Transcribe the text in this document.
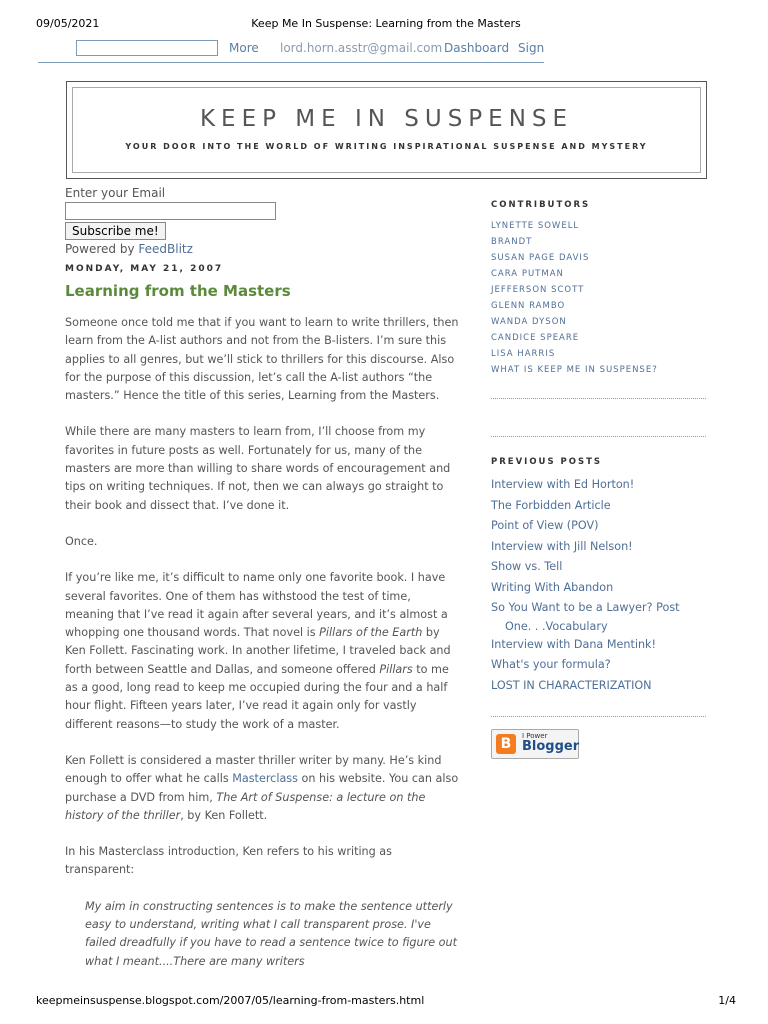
09/05/2021	Keep Me In Suspense: Learning from the Masters
More lord.horn.asstr@gmail.com Dashboard Sign
KEEP ME IN SUSPENSE
YOUR DOOR INTO THE WORLD OF WRITING INSPIRATIONAL SUSPENSE AND MYSTERY
Enter your Email
Subscribe me!
Powered by FeedBlitz
MONDAY, MAY 21, 2007
Learning from the Masters

Someone once told me that if you want to learn to write thrillers, then learn from the A-list authors and not from the B-listers. I’m sure this applies to all genres, but we’ll stick to thrillers for this discourse. Also for the purpose of this discussion, let’s call the A-list authors “the masters.” Hence the title of this series, Learning from the Masters.

While there are many masters to learn from, I’ll choose from my favorites in future posts as well. Fortunately for us, many of the masters are more than willing to share words of encouragement and tips on writing techniques. If not, then we can always go straight to their book and dissect that. I’ve done it.

Once.

If you’re like me, it’s difficult to name only one favorite book. I have several favorites. One of them has withstood the test of time, meaning that I’ve read it again after several years, and it’s almost a whopping one thousand words. That novel is Pillars of the Earth by Ken Follett. Fascinating work. In another lifetime, I traveled back and forth between Seattle and Dallas, and someone offered Pillars to me as a good, long read to keep me occupied during the four and a half hour flight. Fifteen years later, I’ve read it again only for vastly different reasons—to study the work of a master.

Ken Follett is considered a master thriller writer by many. He’s kind enough to offer what he calls Masterclass on his website. You can also purchase a DVD from him, The Art of Suspense: a lecture on the history of the thriller, by Ken Follett.

In his Masterclass introduction, Ken refers to his writing as transparent:

My aim in constructing sentences is to make the sentence utterly easy to understand, writing what I call transparent prose. I've failed dreadfully if you have to read a sentence twice to figure out what I meant....There are many writers
CONTRIBUTORS
LYNETTE SOWELL
BRANDT
SUSAN PAGE DAVIS
CARA PUTMAN
JEFFERSON SCOTT
GLENN RAMBO
WANDA DYSON
CANDICE SPEARE
LISA HARRIS
WHAT IS KEEP ME IN SUSPENSE?
PREVIOUS POSTS
Interview with Ed Horton!
The Forbidden Article
Point of View (POV)
Interview with Jill Nelson!
Show vs. Tell
Writing With Abandon
So You Want to be a Lawyer? Post
One. . .Vocabulary
Interview with Dana Mentink!
What's your formula?
LOST IN CHARACTERIZATION
B	I Power
Blogger
keepmeinsuspense.blogspot.com/2007/05/learning-from-masters.html	1/4
